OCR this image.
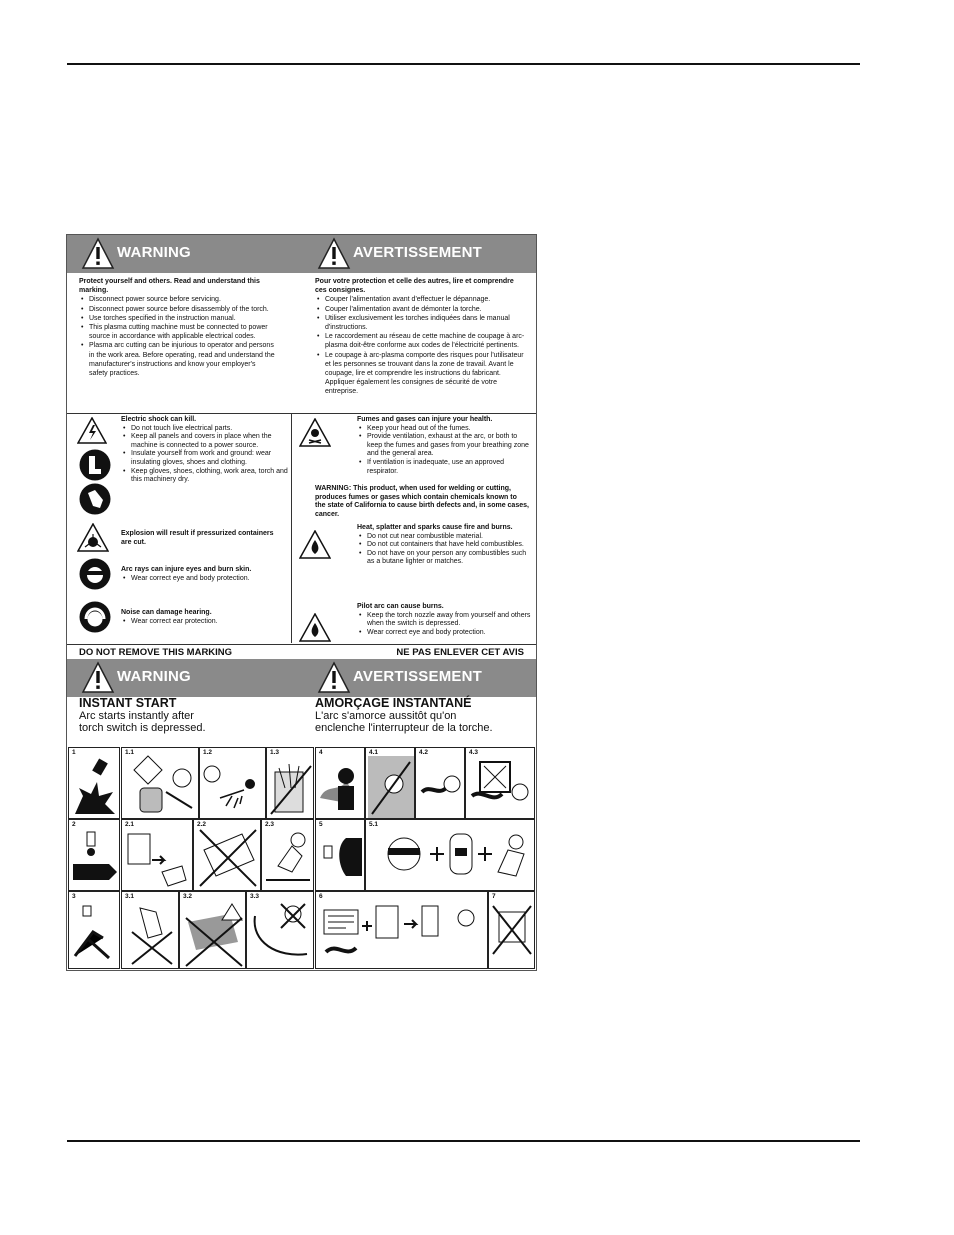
WARNING	AVERTISSEMENT
Protect yourself and others. Read and understand this marking.
• Disconnect power source before servicing.
• Disconnect power source before disassembly of the torch.
• Use torches specified in the instruction manual.
• This plasma cutting machine must be connected to power source in accordance with applicable electrical codes.
• Plasma arc cutting can be injurious to operator and persons in the work area. Before operating, read and understand the manufacturer's instructions and know your employer's safety practices.
Pour votre protection et celle des autres, lire et comprendre ces consignes.
• Couper l'alimentation avant d'effectuer le dépannage.
• Couper l'alimentation avant de démonter la torche.
• Utiliser exclusivement les torches indiquées dans le manual d'instructions.
• Le raccordement au réseau de cette machine de coupage à arc-plasma doit-être conforme aux codes de l'électricité pertinents.
• Le coupage à arc-plasma comporte des risques pour l'utilisateur et les personnes se trouvant dans la zone de travail. Avant le coupage, lire et comprendre les instructions du fabricant. Appliquer également les consignes de sécurité de votre entreprise.
Electric shock can kill.
• Do not touch live electrical parts.
• Keep all panels and covers in place when the machine is connected to a power source.
• Insulate yourself from work and ground: wear insulating gloves, shoes and clothing.
• Keep gloves, shoes, clothing, work area, torch and this machinery dry.
Explosion will result if pressurized containers are cut.
Arc rays can injure eyes and burn skin.
• Wear correct eye and body protection.
Noise can damage hearing.
• Wear correct ear protection.
Fumes and gases can injure your health.
• Keep your head out of the fumes.
• Provide ventilation, exhaust at the arc, or both to keep the fumes and gases from your breathing zone and the general area.
• If ventilation is inadequate, use an approved respirator.
WARNING: This product, when used for welding or cutting, produces fumes or gases which contain chemicals known to the state of California to cause birth defects and, in some cases, cancer.
Heat, splatter and sparks cause fire and burns.
• Do not cut near combustible material.
• Do not cut containers that have held combustibles.
• Do not have on your person any combustibles such as a butane lighter or matches.
Pilot arc can cause burns.
• Keep the torch nozzle away from yourself and others when the switch is depressed.
• Wear correct eye and body protection.
DO NOT REMOVE THIS MARKING	NE PAS ENLEVER CET AVIS
WARNING	AVERTISSEMENT
INSTANT START
Arc starts instantly after
torch switch is depressed.
AMORÇAGE INSTANTANÉ
L'arc s'amorce aussitôt qu'on
enclenche l'interrupteur de la torche.
1	1.1	1.2	1.3	4	4.1	4.2	4.3
2	2.1	2.2	2.3	5	5.1
3	3.1	3.2	3.3	6	7
